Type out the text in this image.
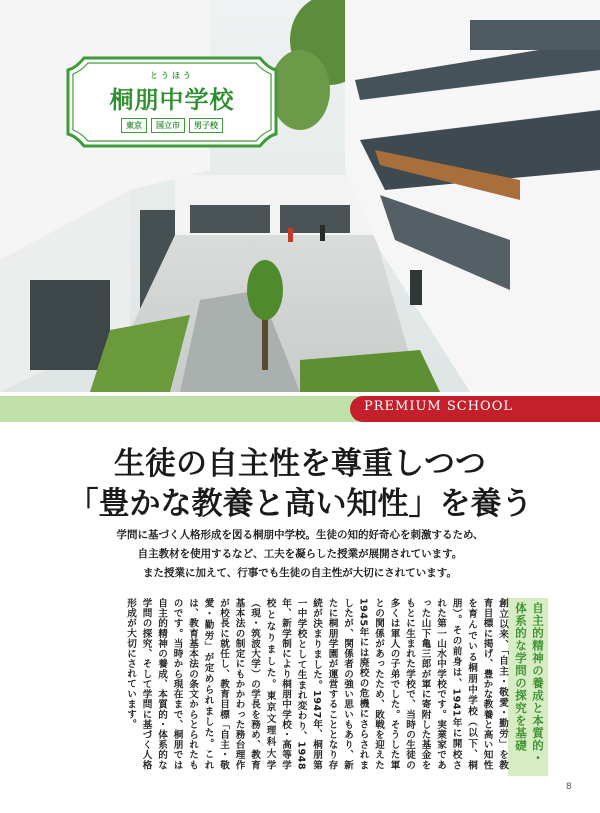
とうほう
桐朋中学校
東京	国立市	男子校
PREMIUM SCHOOL
生徒の自主性を尊重しつつ
「豊かな教養と高い知性」を養う
学問に基づく人格形成を図る桐朋中学校。生徒の知的好奇心を刺激するため、
自主教材を使用するなど、工夫を凝らした授業が展開されています。
また授業に加えて、行事でも生徒の自主性が大切にされています。
自主的精神の養成と本質的・体系的な学問の探究を基礎
創立以来、「自主・敬愛・勤労」を教育目標に掲げ、豊かな教養と高い知性を育んでいる桐朋中学校（以下、桐朋）。その前身は、1941年に開校された第一山水中学校です。実業家であった山下亀三郎が軍に寄附した基金をもとに生まれた学校で、当時の生徒の多くは軍人の子弟でした。そうした軍との関係があったため、敗戦を迎えた1945年には廃校の危機にさらされましたが、関係者の強い思いもあり、新たに桐朋学園が運営することとなり存続が決まりました。1947年、桐朋第一中学校として生まれ変わり、1948年、新学制により桐朋中学校・高等学校となりました。東京文理科大学（現・筑波大学）の学長を務め、教育基本法の制定にもかかわった務台理作が校長に就任し、教育目標「自主・敬愛・勤労」が定められました。これは、教育基本法の条文からとられたものです。当時から現在まで、桐朋では自主的精神の養成、本質的・体系的な学問の探究、そして学問に基づく人格形成が大切にされています。
8
